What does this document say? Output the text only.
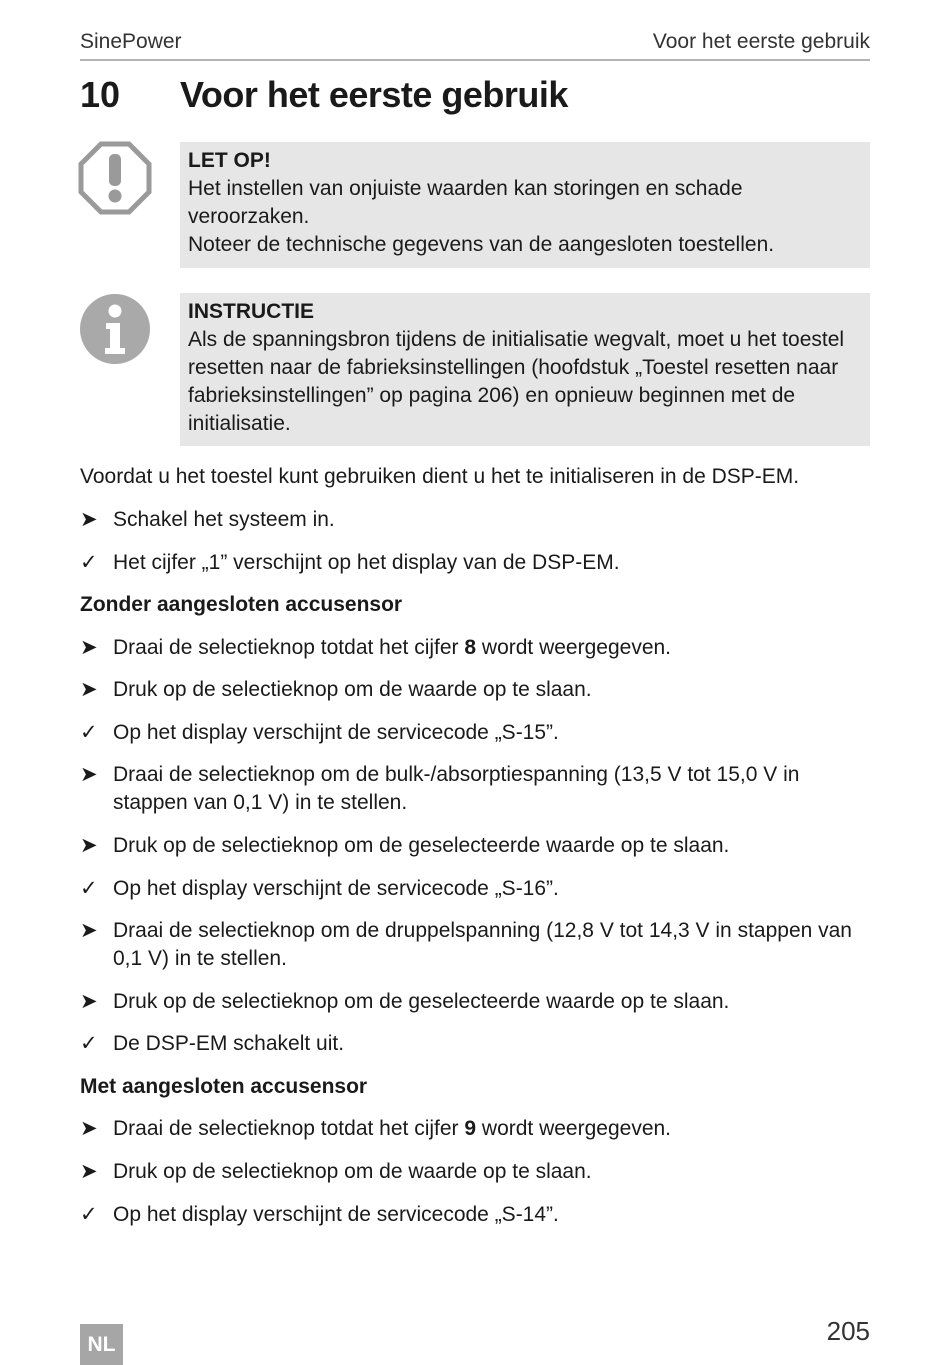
SinePower	Voor het eerste gebruik
10 Voor het eerste gebruik
LET OP!
Het instellen van onjuiste waarden kan storingen en schade
veroorzaken.
Noteer de technische gegevens van de aangesloten toestellen.
INSTRUCTIE
Als de spanningsbron tijdens de initialisatie wegvalt, moet u het toestel
resetten naar de fabrieksinstellingen (hoofdstuk „Toestel resetten naar
fabrieksinstellingen” op pagina 206) en opnieuw beginnen met de
initialisatie.
Voordat u het toestel kunt gebruiken dient u het te initialiseren in de DSP-EM.
➤ Schakel het systeem in.
✓ Het cijfer „1” verschijnt op het display van de DSP-EM.
Zonder aangesloten accusensor
➤ Draai de selectieknop totdat het cijfer 8 wordt weergegeven.
➤ Druk op de selectieknop om de waarde op te slaan.
✓ Op het display verschijnt de servicecode „S-15”.
➤ Draai de selectieknop om de bulk-/absorptiespanning (13,5 V tot 15,0 V in
stappen van 0,1 V) in te stellen.
➤ Druk op de selectieknop om de geselecteerde waarde op te slaan.
✓ Op het display verschijnt de servicecode „S-16”.
➤ Draai de selectieknop om de druppelspanning (12,8 V tot 14,3 V in stappen van
0,1 V) in te stellen.
➤ Druk op de selectieknop om de geselecteerde waarde op te slaan.
✓ De DSP-EM schakelt uit.
Met aangesloten accusensor
➤ Draai de selectieknop totdat het cijfer 9 wordt weergegeven.
➤ Druk op de selectieknop om de waarde op te slaan.
✓ Op het display verschijnt de servicecode „S-14”.
205
NL
